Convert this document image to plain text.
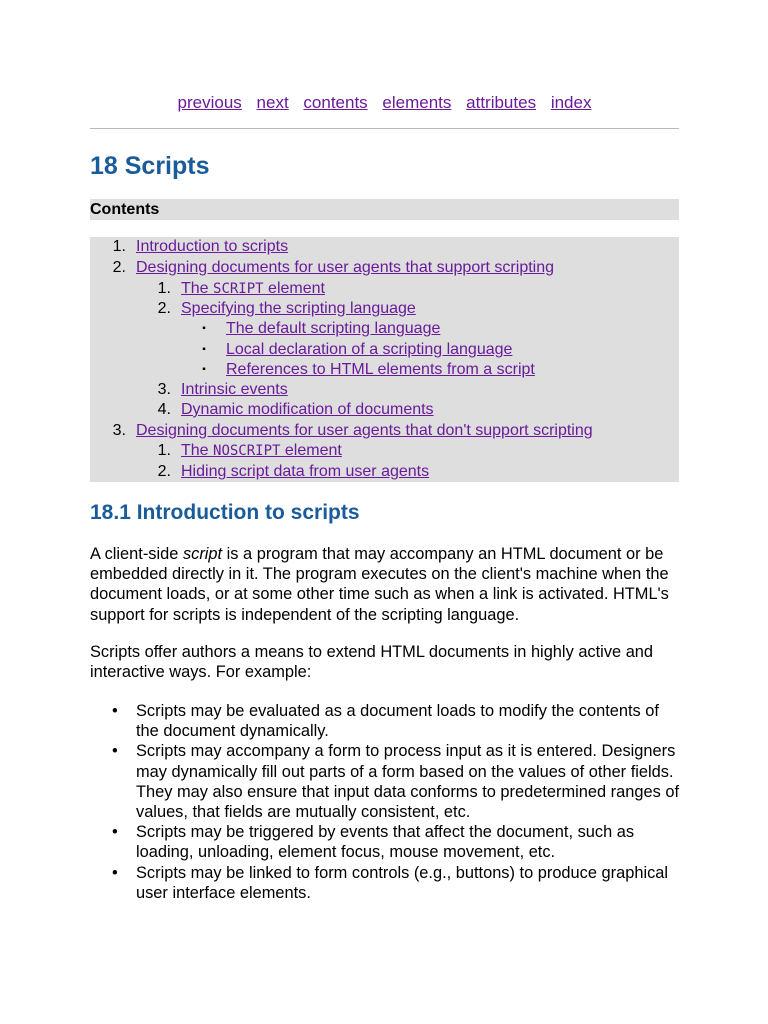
previous next contents elements attributes index
18 Scripts
Contents
1. Introduction to scripts
2. Designing documents for user agents that support scripting
1. The SCRIPT element
2. Specifying the scripting language
▪ The default scripting language
▪ Local declaration of a scripting language
▪ References to HTML elements from a script
3. Intrinsic events
4. Dynamic modification of documents
3. Designing documents for user agents that don't support scripting
1. The NOSCRIPT element
2. Hiding script data from user agents
18.1 Introduction to scripts

A client-side script is a program that may accompany an HTML document or be embedded directly in it. The program executes on the client's machine when the document loads, or at some other time such as when a link is activated. HTML's support for scripts is independent of the scripting language.

Scripts offer authors a means to extend HTML documents in highly active and interactive ways. For example:

• Scripts may be evaluated as a document loads to modify the contents of the document dynamically.
• Scripts may accompany a form to process input as it is entered. Designers may dynamically fill out parts of a form based on the values of other fields. They may also ensure that input data conforms to predetermined ranges of values, that fields are mutually consistent, etc.
• Scripts may be triggered by events that affect the document, such as loading, unloading, element focus, mouse movement, etc.
• Scripts may be linked to form controls (e.g., buttons) to produce graphical user interface elements.
